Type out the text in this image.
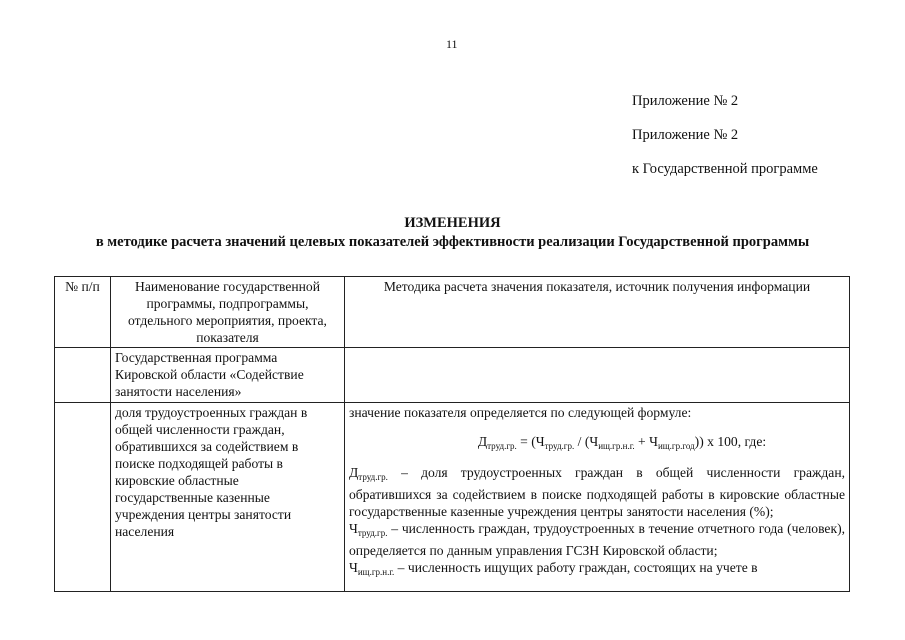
11
Приложение № 2
Приложение № 2
к Государственной программе
ИЗМЕНЕНИЯ
в методике расчета значений целевых показателей эффективности реализации Государственной программы
№ п/п	Наименование государственной программы, подпрограммы, отдельного мероприятия, проекта, показателя	Методика расчета значения показателя, источник получения информации
	Государственная программа Кировской области «Содействие занятости населения»	
	доля трудоустроенных граждан в общей численности граждан, обратившихся за содействием в поиске подходящей работы в кировские областные государственные казенные учреждения центры занятости населения	значение показателя определяется по следующей формуле:
$Д_{труд.гр.} = (Ч_{труд.гр.} / (Ч_{ищ.гр.н.г.} + Ч_{ищ.гр.год}))$ х 100, где:

$Д_{труд.гр.}$ – доля трудоустроенных граждан в общей численности граждан, обратившихся за содействием в поиске подходящей работы в кировские областные государственные казенные учреждения центры занятости населения (%);

$Ч_{труд.гр.}$ – численность граждан, трудоустроенных в течение отчетного года (человек), определяется по данным управления ГСЗН Кировской области;

$Ч_{ищ.гр.н.г.}$ – численность ищущих работу граждан, состоящих на учете в
